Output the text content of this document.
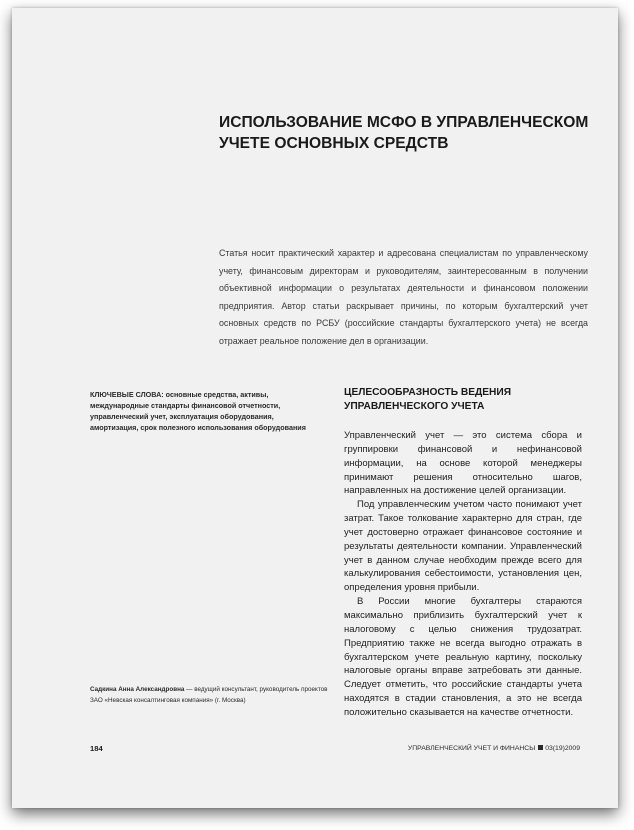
ИСПОЛЬЗОВАНИЕ МСФО В УПРАВЛЕНЧЕСКОМ УЧЕТЕ ОСНОВНЫХ СРЕДСТВ

Статья носит практический характер и адресована специалистам по управленческому учету, финансовым директорам и руководителям, заинтересованным в получении объективной информации о результатах деятельности и финансовом положении предприятия. Автор статьи раскрывает причины, по которым бухгалтерский учет основных средств по РСБУ (российские стандарты бухгалтерского учета) не всегда отражает реальное положение дел в организации.

КЛЮЧЕВЫЕ СЛОВА: основные средства, активы, международные стандарты финансовой отчетности, управленческий учет, эксплуатация оборудования, амортизация, срок полезного использования оборудования

ЦЕЛЕСООБРАЗНОСТЬ ВЕДЕНИЯ УПРАВЛЕНЧЕСКОГО УЧЕТА

Управленческий учет — это система сбора и группировки финансовой и нефинансовой информации, на основе которой менеджеры принимают решения относительно шагов, направленных на достижение целей организации.

Под управленческим учетом часто понимают учет затрат. Такое толкование характерно для стран, где учет достоверно отражает финансовое состояние и результаты деятельности компании. Управленческий учет в данном случае необходим прежде всего для калькулирования себестоимости, установления цен, определения уровня прибыли.

В России многие бухгалтеры стараются максимально приблизить бухгалтерский учет к налоговому с целью снижения трудозатрат. Предприятию также не всегда выгодно отражать в бухгалтерском учете реальную картину, поскольку налоговые органы вправе затребовать эти данные. Следует отметить, что российские стандарты учета находятся в стадии становления, а это не всегда положительно сказывается на качестве отчетности.

Садкина Анна Александровна — ведущий консультант, руководитель проектов ЗАО «Невская консалтинговая компания» (г. Москва)

184	УПРАВЛЕНЧЕСКИЙ УЧЕТ И ФИНАНСЫ 03(19)2009
